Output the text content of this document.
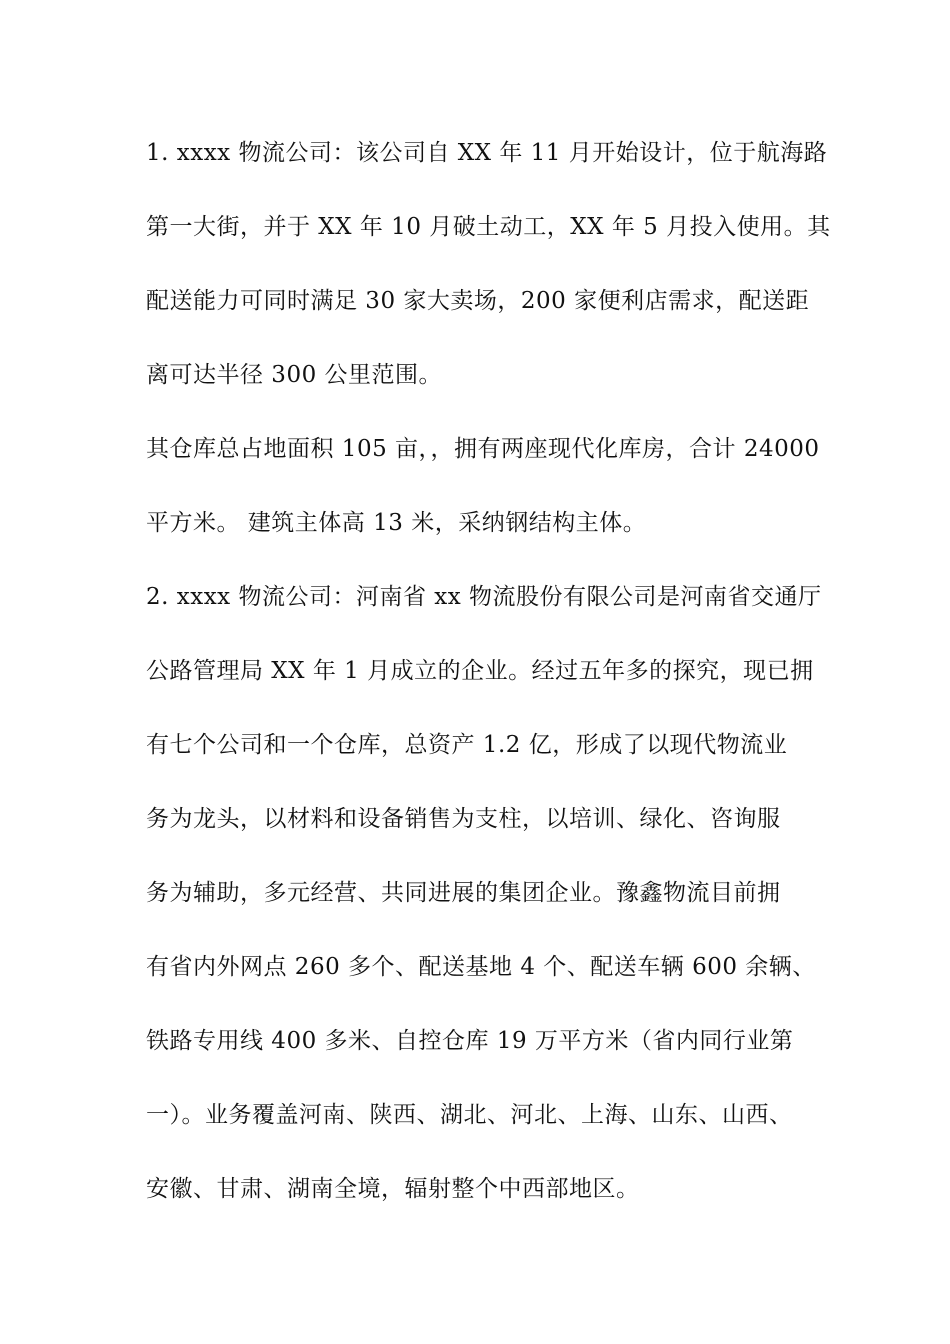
1. xxxx 物流公司：该公司自 XX 年 11 月开始设计，位于航海路
第一大街，并于 XX 年 10 月破土动工，XX 年 5 月投入使用。其
配送能力可同时满足 30 家大卖场，200 家便利店需求，配送距
离可达半径 300 公里范围。
其仓库总占地面积 105 亩，，拥有两座现代化库房，合计 24000
平方米。 建筑主体高 13 米，采纳钢结构主体。
2. xxxx 物流公司：河南省 xx 物流股份有限公司是河南省交通厅
公路管理局 XX 年 1 月成立的企业。经过五年多的探究，现已拥
有七个公司和一个仓库，总资产 1.2 亿，形成了以现代物流业
务为龙头，以材料和设备销售为支柱，以培训、绿化、咨询服
务为辅助，多元经营、共同进展的集团企业。豫鑫物流目前拥
有省内外网点 260 多个、配送基地 4 个、配送车辆 600 余辆、
铁路专用线 400 多米、自控仓库 19 万平方米（省内同行业第
一）。业务覆盖河南、陕西、湖北、河北、上海、山东、山西、
安徽、甘肃、湖南全境，辐射整个中西部地区。
